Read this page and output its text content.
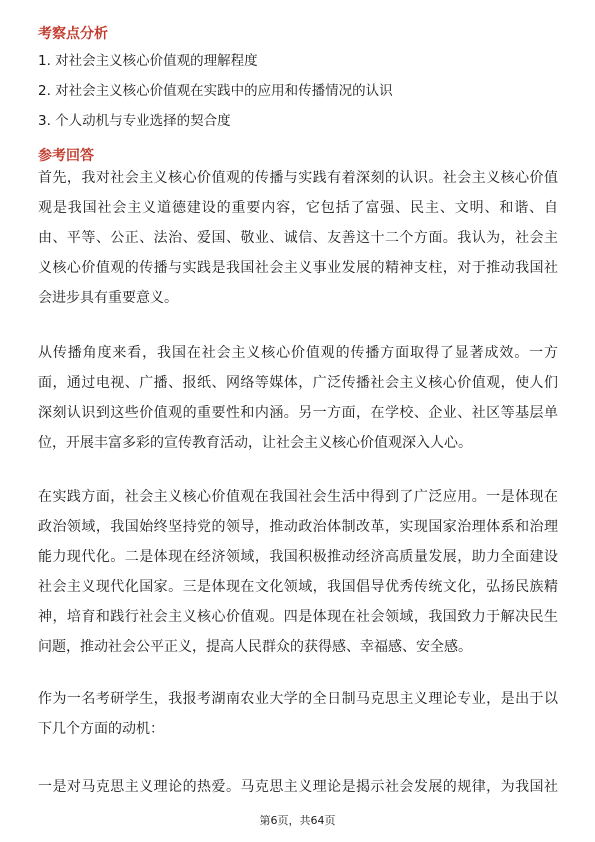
考察点分析
1. 对社会主义核心价值观的理解程度
2. 对社会主义核心价值观在实践中的应用和传播情况的认识
3. 个人动机与专业选择的契合度
参考回答
首先，我对社会主义核心价值观的传播与实践有着深刻的认识。社会主义核心价值
观是我国社会主义道德建设的重要内容，它包括了富强、民主、文明、和谐、自
由、平等、公正、法治、爱国、敬业、诚信、友善这十二个方面。我认为，社会主
义核心价值观的传播与实践是我国社会主义事业发展的精神支柱，对于推动我国社
会进步具有重要意义。
从传播角度来看，我国在社会主义核心价值观的传播方面取得了显著成效。一方
面，通过电视、广播、报纸、网络等媒体，广泛传播社会主义核心价值观，使人们
深刻认识到这些价值观的重要性和内涵。另一方面，在学校、企业、社区等基层单
位，开展丰富多彩的宣传教育活动，让社会主义核心价值观深入人心。
在实践方面，社会主义核心价值观在我国社会生活中得到了广泛应用。一是体现在
政治领域，我国始终坚持党的领导，推动政治体制改革，实现国家治理体系和治理
能力现代化。二是体现在经济领域，我国积极推动经济高质量发展，助力全面建设
社会主义现代化国家。三是体现在文化领域，我国倡导优秀传统文化，弘扬民族精
神，培育和践行社会主义核心价值观。四是体现在社会领域，我国致力于解决民生
问题，推动社会公平正义，提高人民群众的获得感、幸福感、安全感。
作为一名考研学生，我报考湖南农业大学的全日制马克思主义理论专业，是出于以
下几个方面的动机：
一是对马克思主义理论的热爱。马克思主义理论是揭示社会发展的规律，为我国社
第6页，共64页
